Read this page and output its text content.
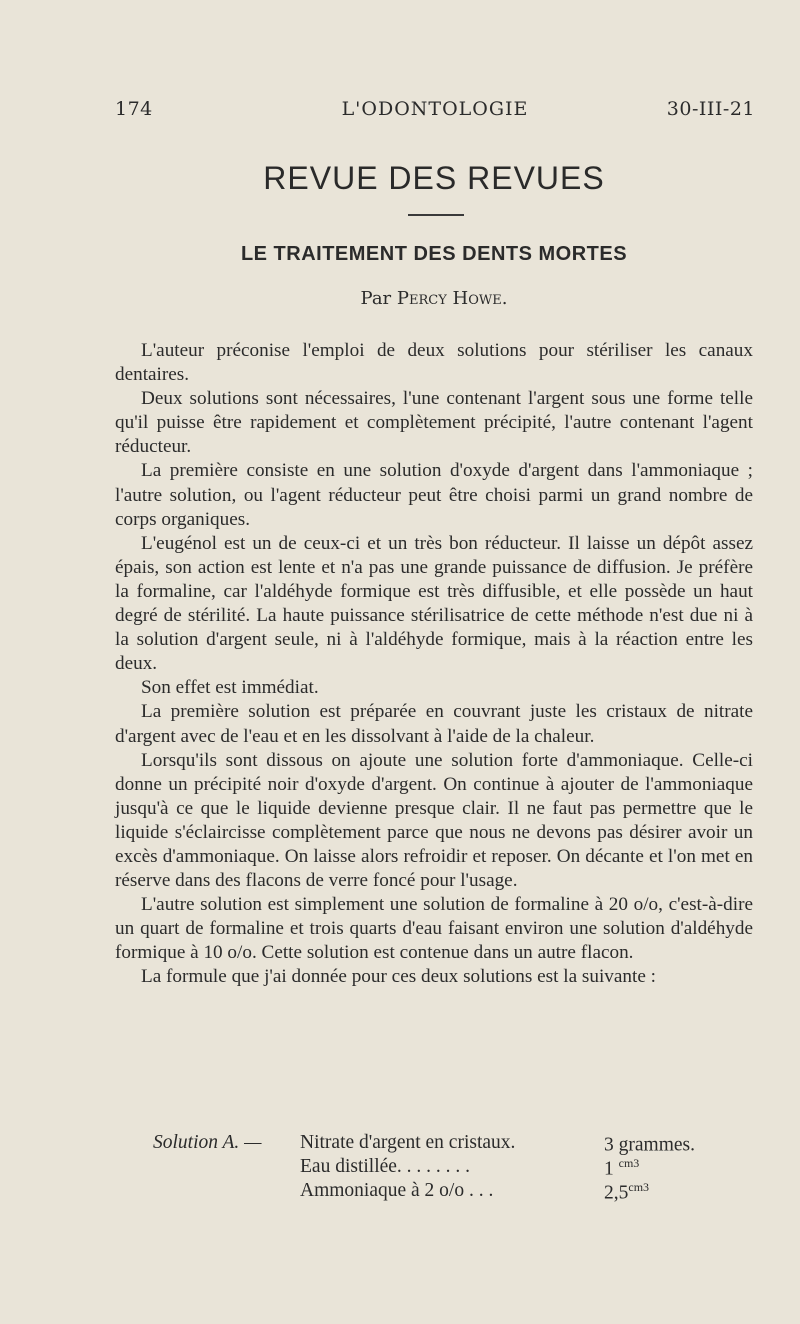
174	L'ODONTOLOGIE	30-III-21
REVUE DES REVUES
LE TRAITEMENT DES DENTS MORTES
Par Percy Howe.

L'auteur préconise l'emploi de deux solutions pour stériliser les canaux dentaires.

Deux solutions sont nécessaires, l'une contenant l'argent sous une forme telle qu'il puisse être rapidement et complètement précipité, l'autre contenant l'agent réducteur.

La première consiste en une solution d'oxyde d'argent dans l'ammoniaque ; l'autre solution, ou l'agent réducteur peut être choisi parmi un grand nombre de corps organiques.

L'eugénol est un de ceux-ci et un très bon réducteur. Il laisse un dépôt assez épais, son action est lente et n'a pas une grande puissance de diffusion. Je préfère la formaline, car l'aldéhyde formique est très diffusible, et elle possède un haut degré de stérilité. La haute puissance stérilisatrice de cette méthode n'est due ni à la solution d'argent seule, ni à l'aldéhyde formique, mais à la réaction entre les deux.

Son effet est immédiat.

La première solution est préparée en couvrant juste les cristaux de nitrate d'argent avec de l'eau et en les dissolvant à l'aide de la chaleur.

Lorsqu'ils sont dissous on ajoute une solution forte d'ammoniaque. Celle-ci donne un précipité noir d'oxyde d'argent. On continue à ajouter de l'ammoniaque jusqu'à ce que le liquide devienne presque clair. Il ne faut pas permettre que le liquide s'éclaircisse complètement parce que nous ne devons pas désirer avoir un excès d'ammoniaque. On laisse alors refroidir et reposer. On décante et l'on met en réserve dans des flacons de verre foncé pour l'usage.

L'autre solution est simplement une solution de formaline à 20 o/o, c'est-à-dire un quart de formaline et trois quarts d'eau faisant environ une solution d'aldéhyde formique à 10 o/o. Cette solution est contenue dans un autre flacon.

La formule que j'ai donnée pour ces deux solutions est la suivante :

Solution A. — Nitrate d'argent en cristaux.	3 grammes.
Eau distillée. . . . . . . .	1 $^{cm3}$
Ammoniaque à 2 o/o . . .	$2,5^{cm3}$
